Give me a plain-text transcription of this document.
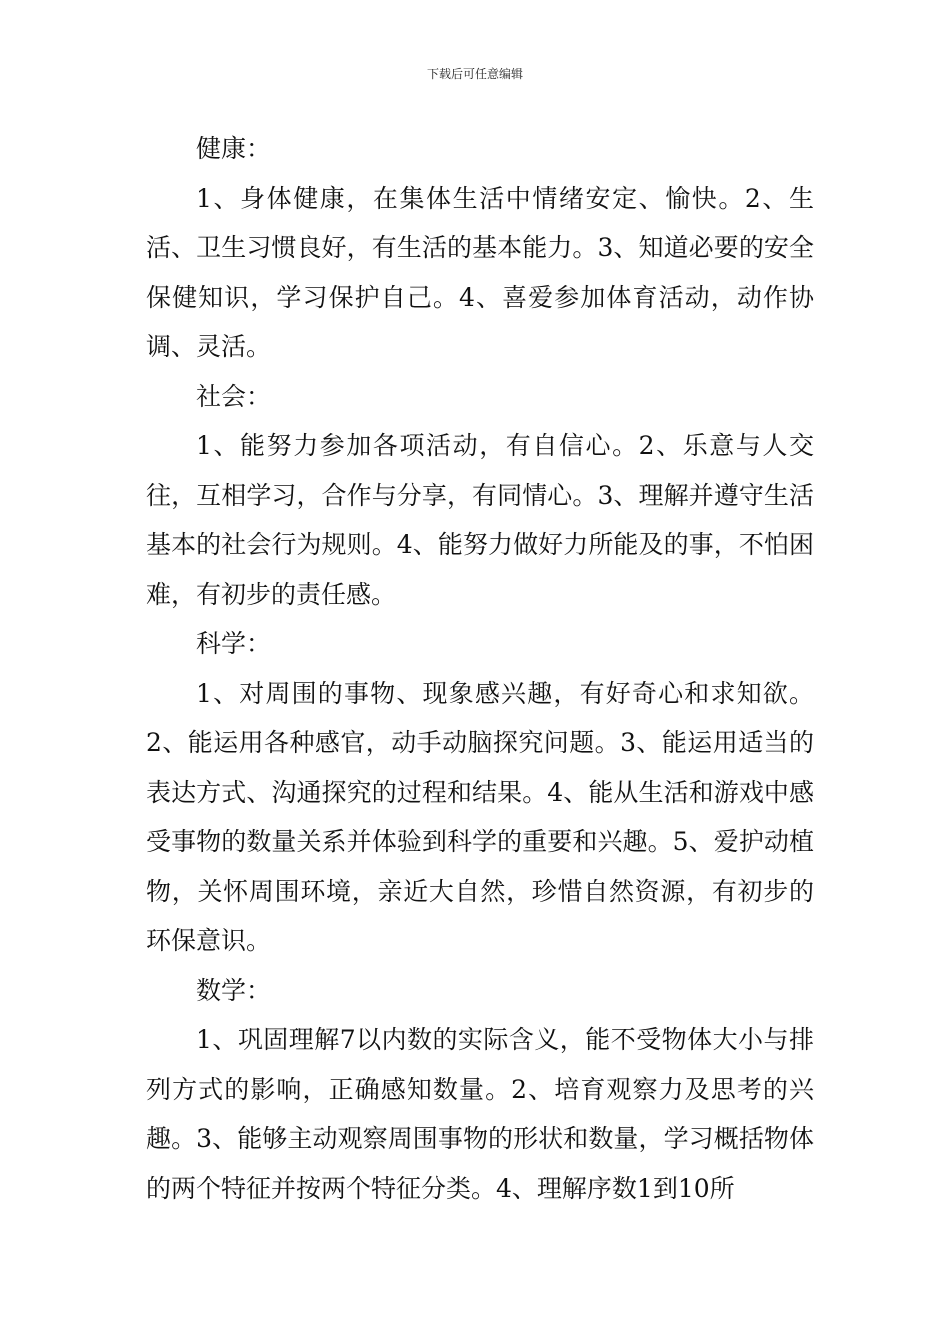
下载后可任意编辑
健康：
1、身体健康，在集体生活中情绪安定、愉快。2、生活、卫生习惯良好，有生活的基本能力。3、知道必要的安全保健知识，学习保护自己。4、喜爱参加体育活动，动作协调、灵活。
社会：
1、能努力参加各项活动，有自信心。2、乐意与人交往，互相学习，合作与分享，有同情心。3、理解并遵守生活基本的社会行为规则。4、能努力做好力所能及的事，不怕困难，有初步的责任感。
科学：
1、对周围的事物、现象感兴趣，有好奇心和求知欲。2、能运用各种感官，动手动脑探究问题。3、能运用适当的表达方式、沟通探究的过程和结果。4、能从生活和游戏中感受事物的数量关系并体验到科学的重要和兴趣。5、爱护动植物，关怀周围环境，亲近大自然，珍惜自然资源，有初步的环保意识。
数学：
1、巩固理解7以内数的实际含义，能不受物体大小与排列方式的影响，正确感知数量。2、培育观察力及思考的兴趣。3、能够主动观察周围事物的形状和数量，学习概括物体的两个特征并按两个特征分类。4、理解序数1到10所
